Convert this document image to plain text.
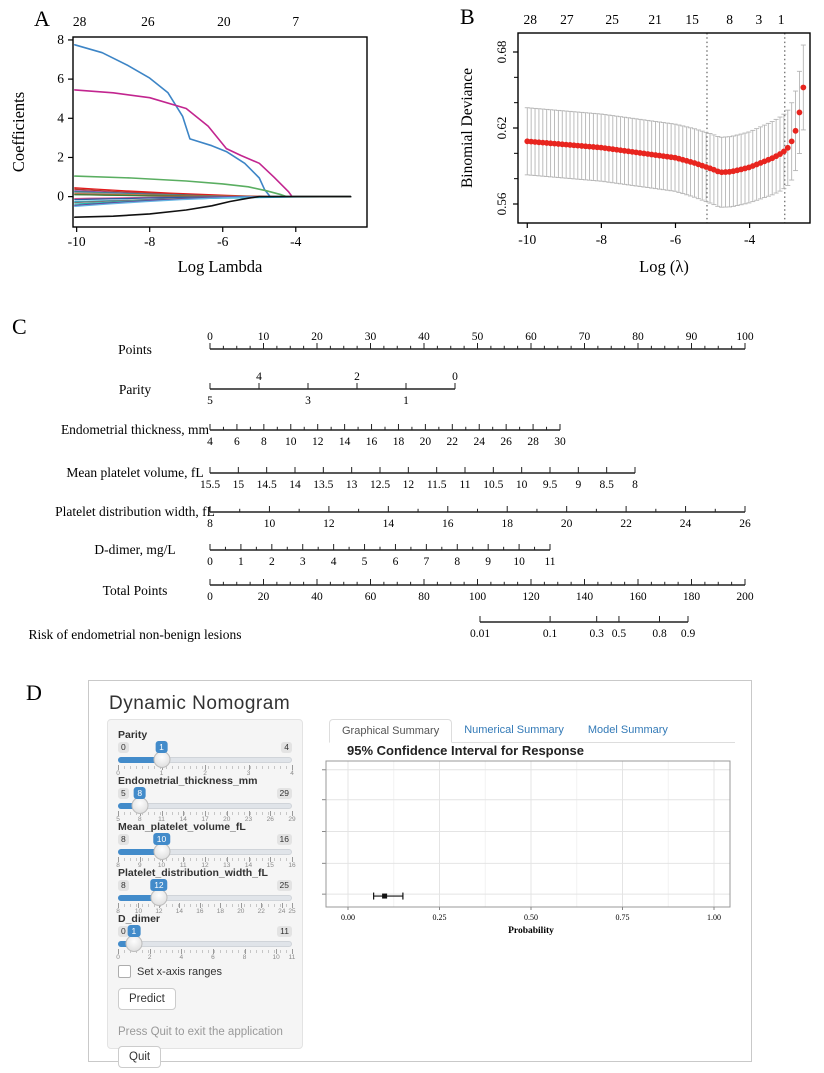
A	B
C
D
-10	-8	-6	-4
8
6
4
2
0
28	26	20	7
Log Lambda
Coefficients
-10	-8	-6	-4
0.56
0.62
0.68
28 27 25 21 15 8 3 1
Log (λ)
Binomial Deviance
0	10	20	30	40	50	60	70	80	90	100
Points
5
4
3
2
1
0
Parity
4 6 8 10 12 14 16 18 20 22 24 26 28 30
Endometrial thickness, mm
15.5 15 14.5 14 13.5 13 12.5 12 11.5 11 10.5 10 9.5 9 8.5 8
Mean platelet volume, fL
8	10	12	14	16	18	20	22	24	26
Platelet distribution width, fL
0 1 2 3 4 5 6 7 8 9 10 11
D-dimer, mg/L
0	20	40	60	80	100	120	140	160	180	200
Total Points
0.01	0.1	0.3 0.5 0.8 0.9
Risk of endometrial non-benign lesions
Dynamic Nomogram
Parity
0	4
1
0	1	2	3	4
Endometrial_thickness_mm
5	29
8
5	8	11 14 17 20 23 26 29
Mean_platelet_volume_fL
8	16
10
8	9	10 11 12 13 14 15 16
Platelet_distribution_width_fL
8	25
12
8 10 12 14 16 18 20 22 24 25
D_dimer
0	11
1
0	2	4	6	8	10 11
Set x-axis ranges
Predict
Press Quit to exit the application
Quit
Graphical Summary	Numerical Summary	Model Summary
95% Confidence Interval for Response
0.00	0.25	0.50	0.75	1.00
Probability
